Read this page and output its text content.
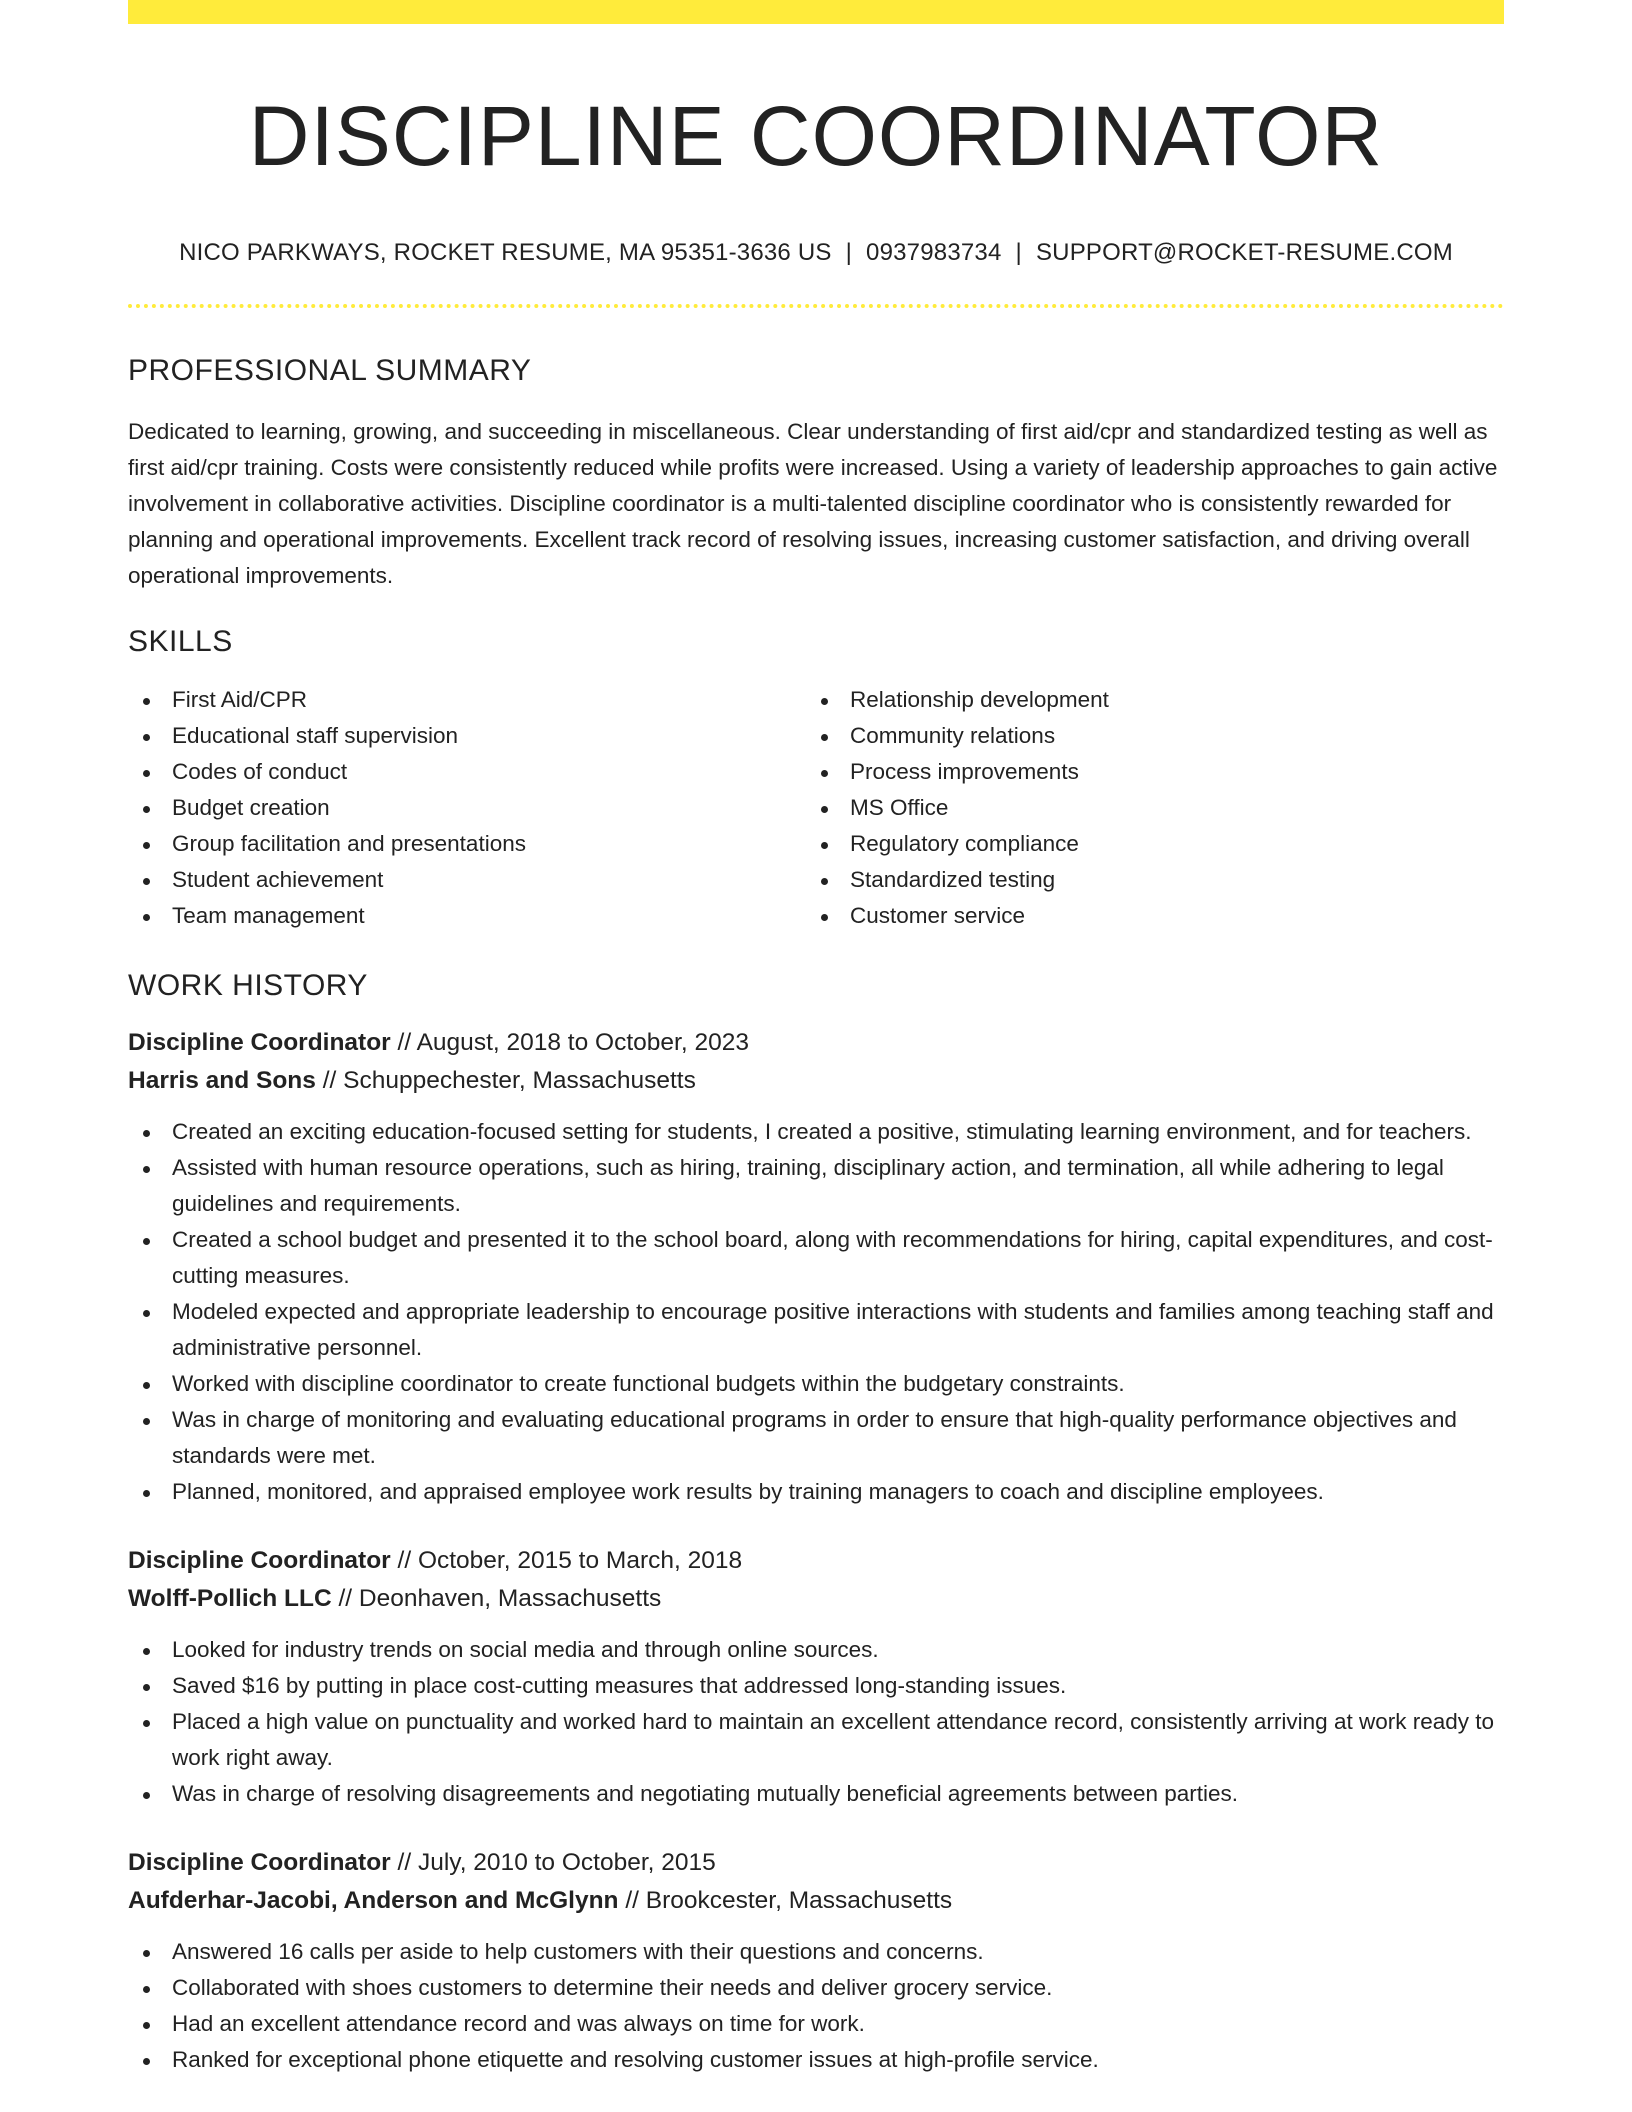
DISCIPLINE COORDINATOR
NICO PARKWAYS, ROCKET RESUME, MA 95351-3636 US | 0937983734 | SUPPORT@ROCKET-RESUME.COM
PROFESSIONAL SUMMARY

Dedicated to learning, growing, and succeeding in miscellaneous. Clear understanding of first aid/cpr and standardized testing as well as first aid/cpr training. Costs were consistently reduced while profits were increased. Using a variety of leadership approaches to gain active involvement in collaborative activities. Discipline coordinator is a multi-talented discipline coordinator who is consistently rewarded for planning and operational improvements. Excellent track record of resolving issues, increasing customer satisfaction, and driving overall operational improvements.

SKILLS
First Aid/CPR
Educational staff supervision
Codes of conduct
Budget creation
Group facilitation and presentations
Student achievement
Team management
Relationship development
Community relations
Process improvements
MS Office
Regulatory compliance
Standardized testing
Customer service
WORK HISTORY
Discipline Coordinator // August, 2018 to October, 2023
Harris and Sons // Schuppechester, Massachusetts
Created an exciting education-focused setting for students, I created a positive, stimulating learning environment, and for teachers.
Assisted with human resource operations, such as hiring, training, disciplinary action, and termination, all while adhering to legal guidelines and requirements.
Created a school budget and presented it to the school board, along with recommendations for hiring, capital expenditures, and cost-cutting measures.
Modeled expected and appropriate leadership to encourage positive interactions with students and families among teaching staff and administrative personnel.
Worked with discipline coordinator to create functional budgets within the budgetary constraints.
Was in charge of monitoring and evaluating educational programs in order to ensure that high-quality performance objectives and standards were met.
Planned, monitored, and appraised employee work results by training managers to coach and discipline employees.
Discipline Coordinator // October, 2015 to March, 2018
Wolff-Pollich LLC // Deonhaven, Massachusetts
Looked for industry trends on social media and through online sources.
Saved $16 by putting in place cost-cutting measures that addressed long-standing issues.
Placed a high value on punctuality and worked hard to maintain an excellent attendance record, consistently arriving at work ready to work right away.
Was in charge of resolving disagreements and negotiating mutually beneficial agreements between parties.
Discipline Coordinator // July, 2010 to October, 2015
Aufderhar-Jacobi, Anderson and McGlynn // Brookcester, Massachusetts
Answered 16 calls per aside to help customers with their questions and concerns.
Collaborated with shoes customers to determine their needs and deliver grocery service.
Had an excellent attendance record and was always on time for work.
Ranked for exceptional phone etiquette and resolving customer issues at high-profile service.
